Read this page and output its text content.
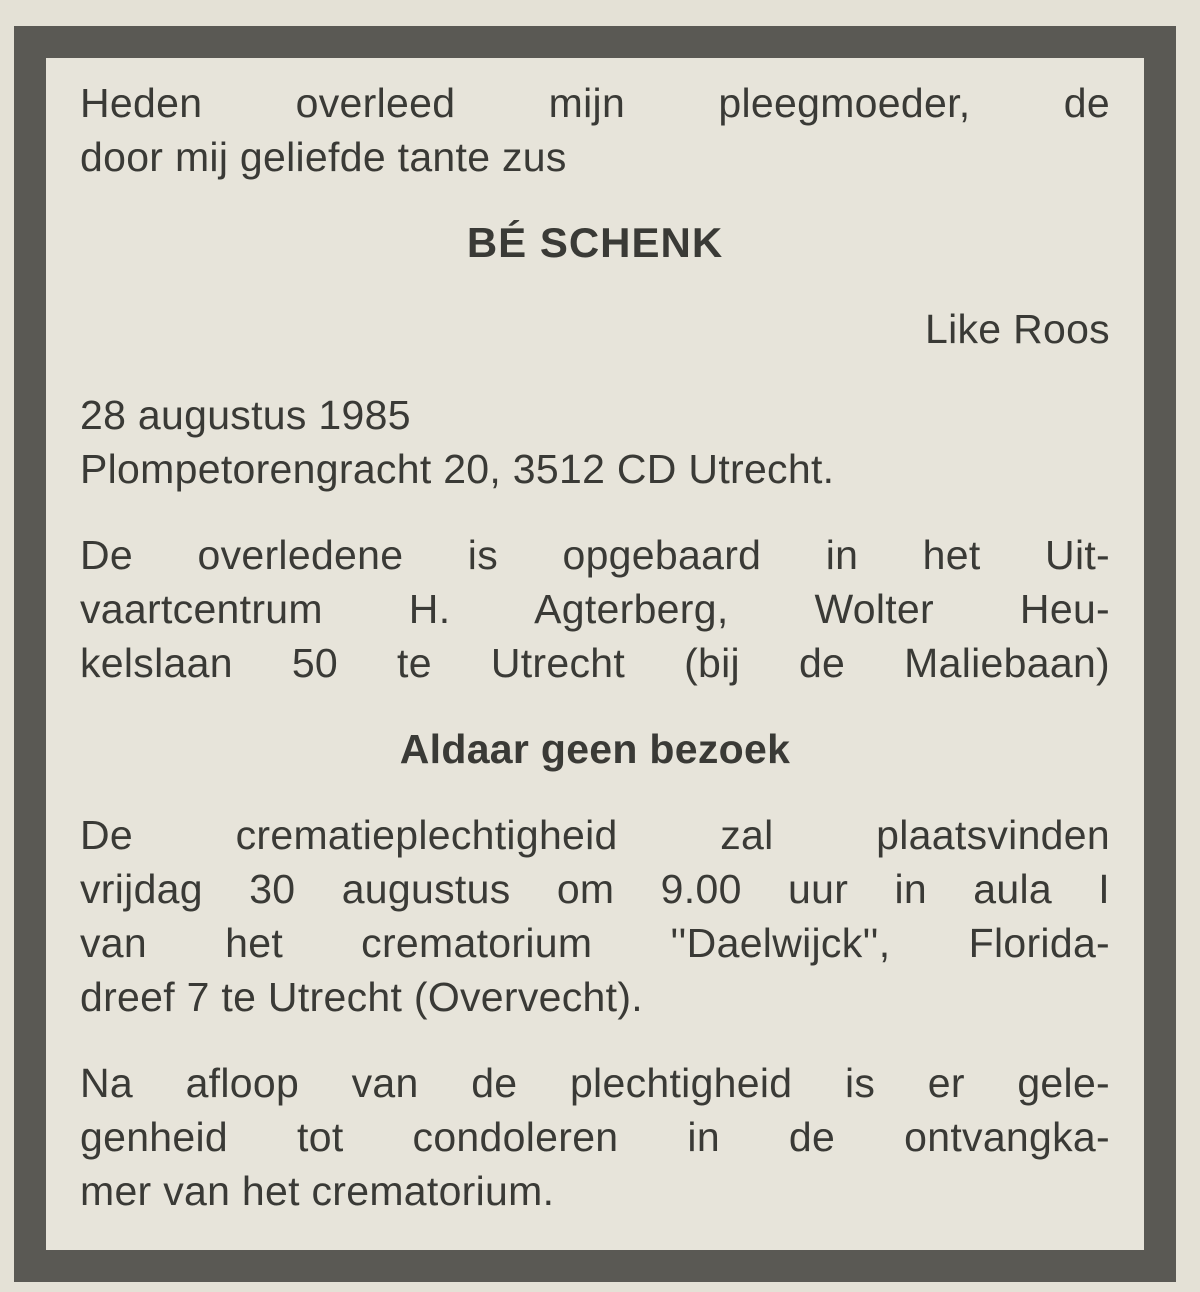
Heden overleed mijn pleegmoeder, de
door mij geliefde tante zus
BÉ SCHENK
Like Roos
28 augustus 1985
Plompetorengracht 20, 3512 CD Utrecht.
De overledene is opgebaard in het Uit-
vaartcentrum H. Agterberg, Wolter Heu-
kelslaan 50 te Utrecht (bij de Maliebaan)
Aldaar geen bezoek
De crematieplechtigheid zal plaatsvinden
vrijdag 30 augustus om 9.00 uur in aula I
van het crematorium ''Daelwijck'', Florida-
dreef 7 te Utrecht (Overvecht).
Na afloop van de plechtigheid is er gele-
genheid tot condoleren in de ontvangka-
mer van het crematorium.
